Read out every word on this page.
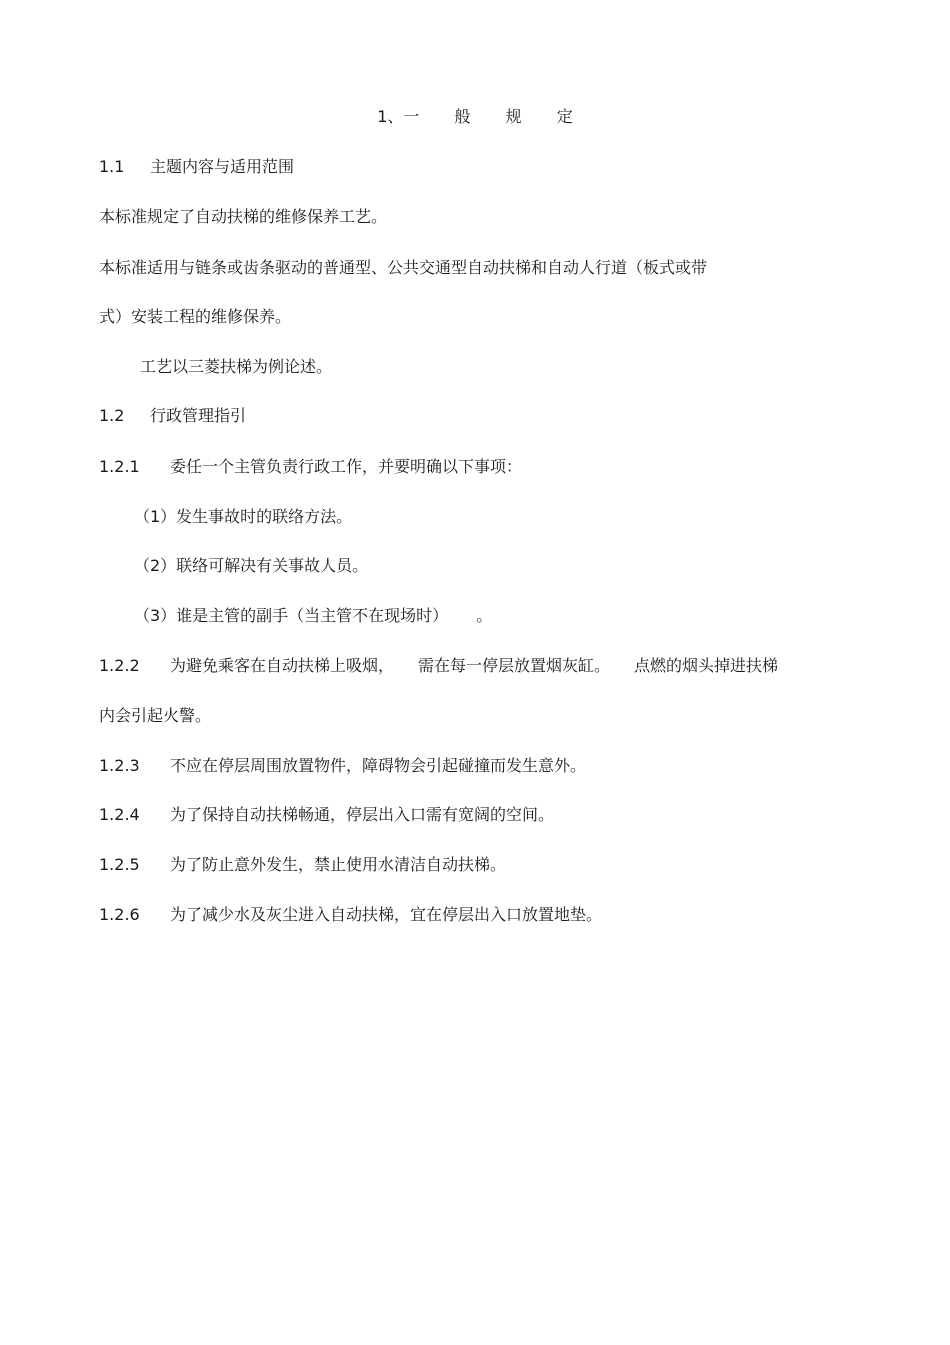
1、一 般 规 定
1.1 主题内容与适用范围
本标准规定了自动扶梯的维修保养工艺。
本标准适用与链条或齿条驱动的普通型、公共交通型自动扶梯和自动人行道（板式或带
式）安装工程的维修保养。
工艺以三菱扶梯为例论述。
1.2 行政管理指引
1.2.1 委任一个主管负责行政工作，并要明确以下事项：
（1）发生事故时的联络方法。
（2）联络可解决有关事故人员。
（3）谁是主管的副手（当主管不在现场时） 。
1.2.2 为避免乘客在自动扶梯上吸烟， 需在每一停层放置烟灰缸。 点燃的烟头掉进扶梯
内会引起火警。
1.2.3 不应在停层周围放置物件，障碍物会引起碰撞而发生意外。
1.2.4 为了保持自动扶梯畅通，停层出入口需有宽阔的空间。
1.2.5 为了防止意外发生，禁止使用水清洁自动扶梯。
1.2.6 为了减少水及灰尘进入自动扶梯，宜在停层出入口放置地垫。
